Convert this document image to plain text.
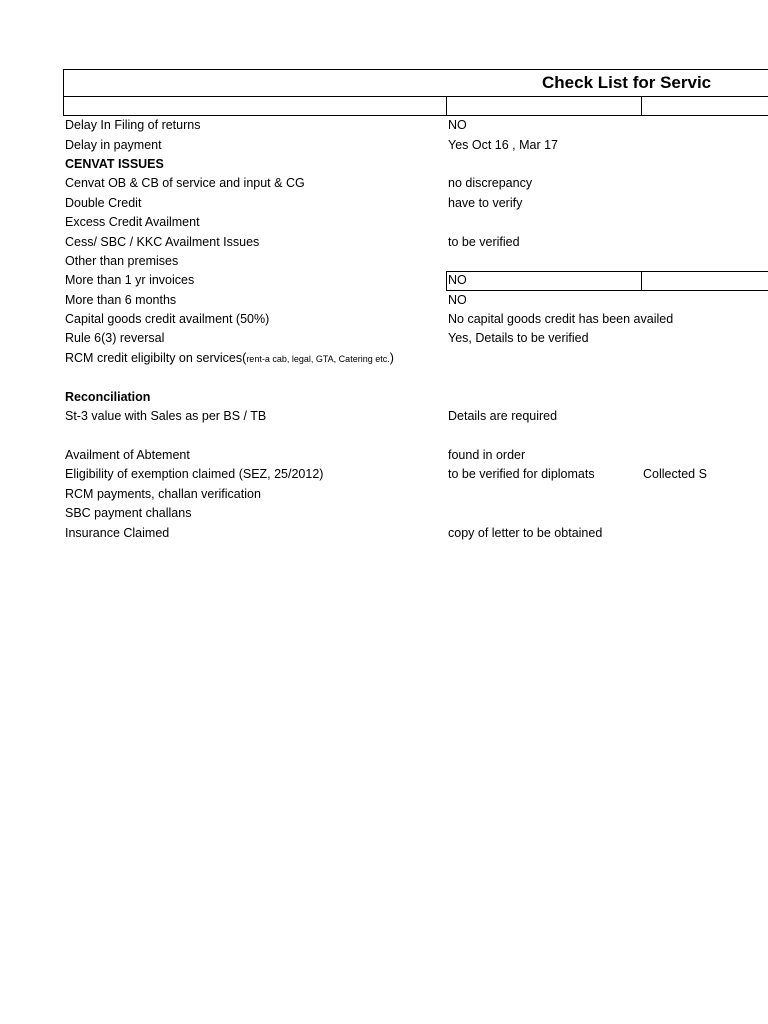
Check List for Servic
Delay In Filing of returns	NO
Delay in payment	Yes Oct 16 , Mar 17
CENVAT ISSUES
Cenvat OB & CB of service and input & CG	no discrepancy
Double Credit	have to verify
Excess Credit Availment
Cess/ SBC / KKC Availment Issues	to be verified
Other than premises
More than 1 yr invoices	NO
More than 6 months	NO
Capital goods credit availment (50%)	No capital goods credit has been availed
Rule 6(3) reversal	Yes, Details to be verified
RCM credit eligibilty on services(rent-a cab, legal, GTA, Catering etc.)
Reconciliation
St-3 value with Sales as per BS / TB	Details are required
Availment of Abtement	found in order
Eligibility of exemption claimed (SEZ, 25/2012)	to be verified for diplomats	Collected S
RCM payments, challan verification
SBC payment challans
Insurance Claimed	copy of letter to be obtained
